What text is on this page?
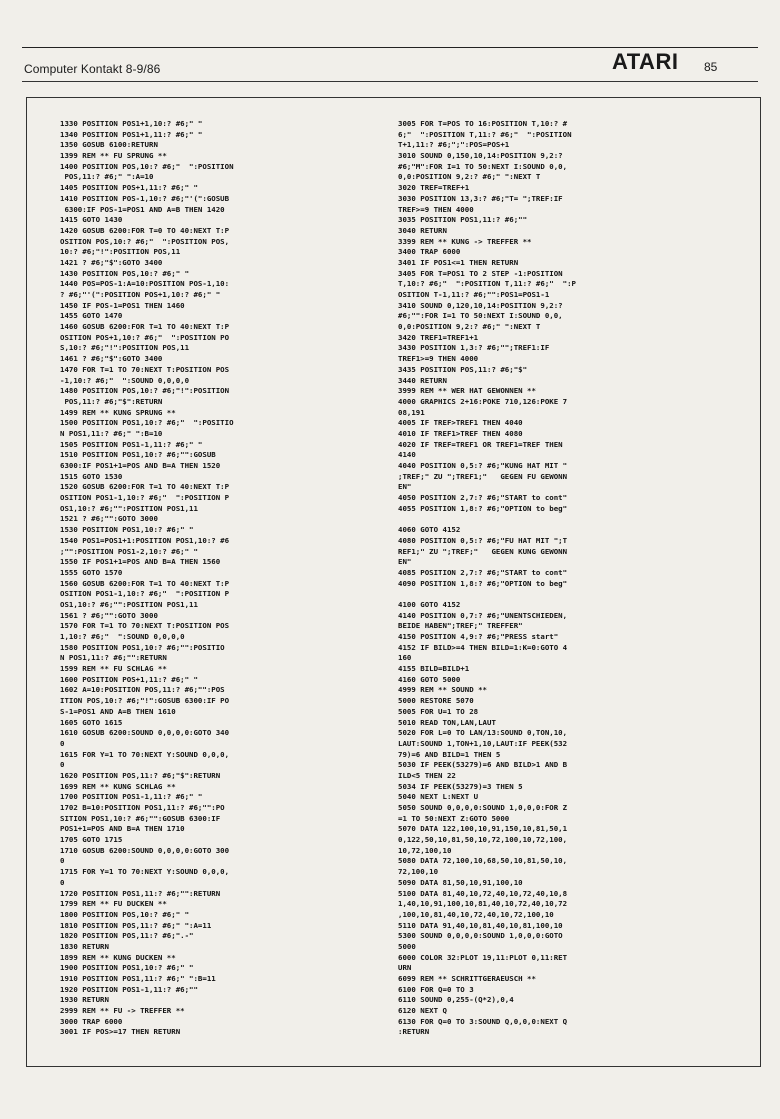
Computer Kontakt 8-9/86	ATARI 85
1330 POSITION POS1+1,10:? #6;" "
1340 POSITION POS1+1,11:? #6;" "
1350 GOSUB 6100:RETURN
1399 REM ** FU SPRUNG **
1400 POSITION POS,10:? #6;"  ":POSITION
POS,11:? #6;" ":A=10
1405 POSITION POS+1,11:? #6;" "
1410 POSITION POS-1,10:? #6;"'(":GOSUB
6300:IF POS-1=POS1 AND A=B THEN 1420
1415 GOTO 1430
1420 GOSUB 6200:FOR T=0 TO 40:NEXT T:P
OSITION POS,10:? #6;"  ":POSITION POS,
10:? #6;"!":POSITION POS,11
1421 ? #6;"$":GOTO 3400
1430 POSITION POS,10:? #6;" "
1440 POS=POS-1:A=10:POSITION POS-1,10:
? #6;"'(":POSITION POS+1,10:? #6;" "
1450 IF POS-1=POS1 THEN 1460
1455 GOTO 1470
1460 GOSUB 6200:FOR T=1 TO 40:NEXT T:P
OSITION POS+1,10:? #6;"  ":POSITION PO
S,10:? #6;"!":POSITION POS,11
1461 ? #6;"$":GOTO 3400
1470 FOR T=1 TO 70:NEXT T:POSITION POS
-1,10:? #6;"  ":SOUND 0,0,0,0
1480 POSITION POS,10:? #6;"!":POSITION
POS,11:? #6;"$":RETURN
1499 REM ** KUNG SPRUNG **
1500 POSITION POS1,10:? #6;"  ":POSITIO
N POS1,11:? #6;" ":B=10
1505 POSITION POS1-1,11:? #6;" "
1510 POSITION POS1,10:? #6;"":GOSUB
6300:IF POS1+1=POS AND B=A THEN 1520
1515 GOTO 1530
1520 GOSUB 6200:FOR T=1 TO 40:NEXT T:P
OSITION POS1-1,10:? #6;"  ":POSITION P
OS1,10:? #6;"":POSITION POS1,11
1521 ? #6;"":GOTO 3000
1530 POSITION POS1,10:? #6;" "
1540 POS1=POS1+1:POSITION POS1,10:? #6
;"":POSITION POS1-2,10:? #6;" "
1550 IF POS1+1=POS AND B=A THEN 1560
1555 GOTO 1570
1560 GOSUB 6200:FOR T=1 TO 40:NEXT T:P
OSITION POS1-1,10:? #6;"  ":POSITION P
OS1,10:? #6;"":POSITION POS1,11
1561 ? #6;"":GOTO 3000
1570 FOR T=1 TO 70:NEXT T:POSITION POS
1,10:? #6;"  ":SOUND 0,0,0,0
1580 POSITION POS1,10:? #6;"":POSITIO
N POS1,11:? #6;"":RETURN
1599 REM ** FU SCHLAG **
1600 POSITION POS+1,11:? #6;" "
1602 A=10:POSITION POS,11:? #6;"":POS
ITION POS,10:? #6;"!":GOSUB 6300:IF PO
S-1=POS1 AND A=B THEN 1610
1605 GOTO 1615
1610 GOSUB 6200:SOUND 0,0,0,0:GOTO 340
0
1615 FOR Y=1 TO 70:NEXT Y:SOUND 0,0,0,
0
1620 POSITION POS,11:? #6;"$":RETURN
1699 REM ** KUNG SCHLAG **
1700 POSITION POS1-1,11:? #6;" "
1702 B=10:POSITION POS1,11:? #6;"":PO
SITION POS1,10:? #6;"":GOSUB 6300:IF
POS1+1=POS AND B=A THEN 1710
1705 GOTO 1715
1710 GOSUB 6200:SOUND 0,0,0,0:GOTO 300
0
1715 FOR Y=1 TO 70:NEXT Y:SOUND 0,0,0,
0
1720 POSITION POS1,11:? #6;"":RETURN
1799 REM ** FU DUCKEN **
1800 POSITION POS,10:? #6;" "
1810 POSITION POS,11:? #6;" ":A=11
1820 POSITION POS,11:? #6;".-"
1830 RETURN
1899 REM ** KUNG DUCKEN **
1900 POSITION POS1,10:? #6;" "
1910 POSITION POS1,11:? #6;" ":B=11
1920 POSITION POS1-1,11:? #6;""
1930 RETURN
2999 REM ** FU -> TREFFER **
3000 TRAP 6000
3001 IF POS>=17 THEN RETURN
3005 FOR T=POS TO 16:POSITION T,10:? #
6;"  ":POSITION T,11:? #6;"  ":POSITION
T+1,11:? #6;";":POS=POS+1
3010 SOUND 0,150,10,14:POSITION 9,2:?
#6;"M":FOR I=1 TO 50:NEXT I:SOUND 0,0,
0,0:POSITION 9,2:? #6;" ":NEXT T
3020 TREF=TREF+1
3030 POSITION 13,3:? #6;"T= ";TREF:IF
TREF>=9 THEN 4000
3035 POSITION POS1,11:? #6;""
3040 RETURN
3399 REM ** KUNG -> TREFFER **
3400 TRAP 6000
3401 IF POS1<=1 THEN RETURN
3405 FOR T=POS1 TO 2 STEP -1:POSITION
T,10:? #6;"  ":POSITION T,11:? #6;"  ":P
OSITION T-1,11:? #6;"":POS1=POS1-1
3410 SOUND 0,120,10,14:POSITION 9,2:?
#6;"":FOR I=1 TO 50:NEXT I:SOUND 0,0,
0,0:POSITION 9,2:? #6;" ":NEXT T
3420 TREF1=TREF1+1
3430 POSITION 1,3:? #6;"";TREF1:IF
TREF1>=9 THEN 4000
3435 POSITION POS,11:? #6;"$"
3440 RETURN
3999 REM ** WER HAT GEWONNEN **
4000 GRAPHICS 2+16:POKE 710,126:POKE 7
08,191
4005 IF TREF>TREF1 THEN 4040
4010 IF TREF1>TREF THEN 4080
4020 IF TREF=TREF1 OR TREF1=TREF THEN
4140
4040 POSITION 0,5:? #6;"KUNG HAT MIT "
;TREF;" ZU ";TREF1;"   GEGEN FU GEWONN
EN"
4050 POSITION 2,7:? #6;"START to cont"
4055 POSITION 1,8:? #6;"OPTION to beg"
4060 GOTO 4152
4080 POSITION 0,5:? #6;"FU HAT MIT ";T
REF1;" ZU ";TREF;"   GEGEN KUNG GEWONN
EN"
4085 POSITION 2,7:? #6;"START to cont"
4090 POSITION 1,8:? #6;"OPTION to beg"
4100 GOTO 4152
4140 POSITION 0,7:? #6;"UNENTSCHIEDEN,
BEIDE HABEN";TREF;" TREFFER"
4150 POSITION 4,9:? #6;"PRESS start"
4152 IF BILD>=4 THEN BILD=1:K=0:GOTO 4
160
4155 BILD=BILD+1
4160 GOTO 5000
4999 REM ** SOUND **
5000 RESTORE 5070
5005 FOR U=1 TO 28
5010 READ TON,LAN,LAUT
5020 FOR L=0 TO LAN/13:SOUND 0,TON,10,
LAUT:SOUND 1,TON+1,10,LAUT:IF PEEK(532
79)=6 AND BILD=1 THEN 5
5030 IF PEEK(53279)=6 AND BILD>1 AND B
ILD<5 THEN 22
5034 IF PEEK(53279)=3 THEN 5
5040 NEXT L:NEXT U
5050 SOUND 0,0,0,0:SOUND 1,0,0,0:FOR Z
=1 TO 50:NEXT Z:GOTO 5000
5070 DATA 122,100,10,91,150,10,81,50,1
0,122,50,10,81,50,10,72,100,10,72,100,
10,72,100,10
5080 DATA 72,100,10,68,50,10,81,50,10,
72,100,10
5090 DATA 81,50,10,91,100,10
5100 DATA 81,40,10,72,40,10,72,40,10,8
1,40,10,91,100,10,81,40,10,72,40,10,72
,100,10,81,40,10,72,40,10,72,100,10
5110 DATA 91,40,10,81,40,10,81,100,10
5300 SOUND 0,0,0,0:SOUND 1,0,0,0:GOTO
5000
6000 COLOR 32:PLOT 19,11:PLOT 0,11:RET
URN
6099 REM ** SCHRITTGERAEUSCH **
6100 FOR Q=0 TO 3
6110 SOUND 0,255-(Q*2),0,4
6120 NEXT Q
6130 FOR Q=0 TO 3:SOUND Q,0,0,0:NEXT Q
:RETURN
